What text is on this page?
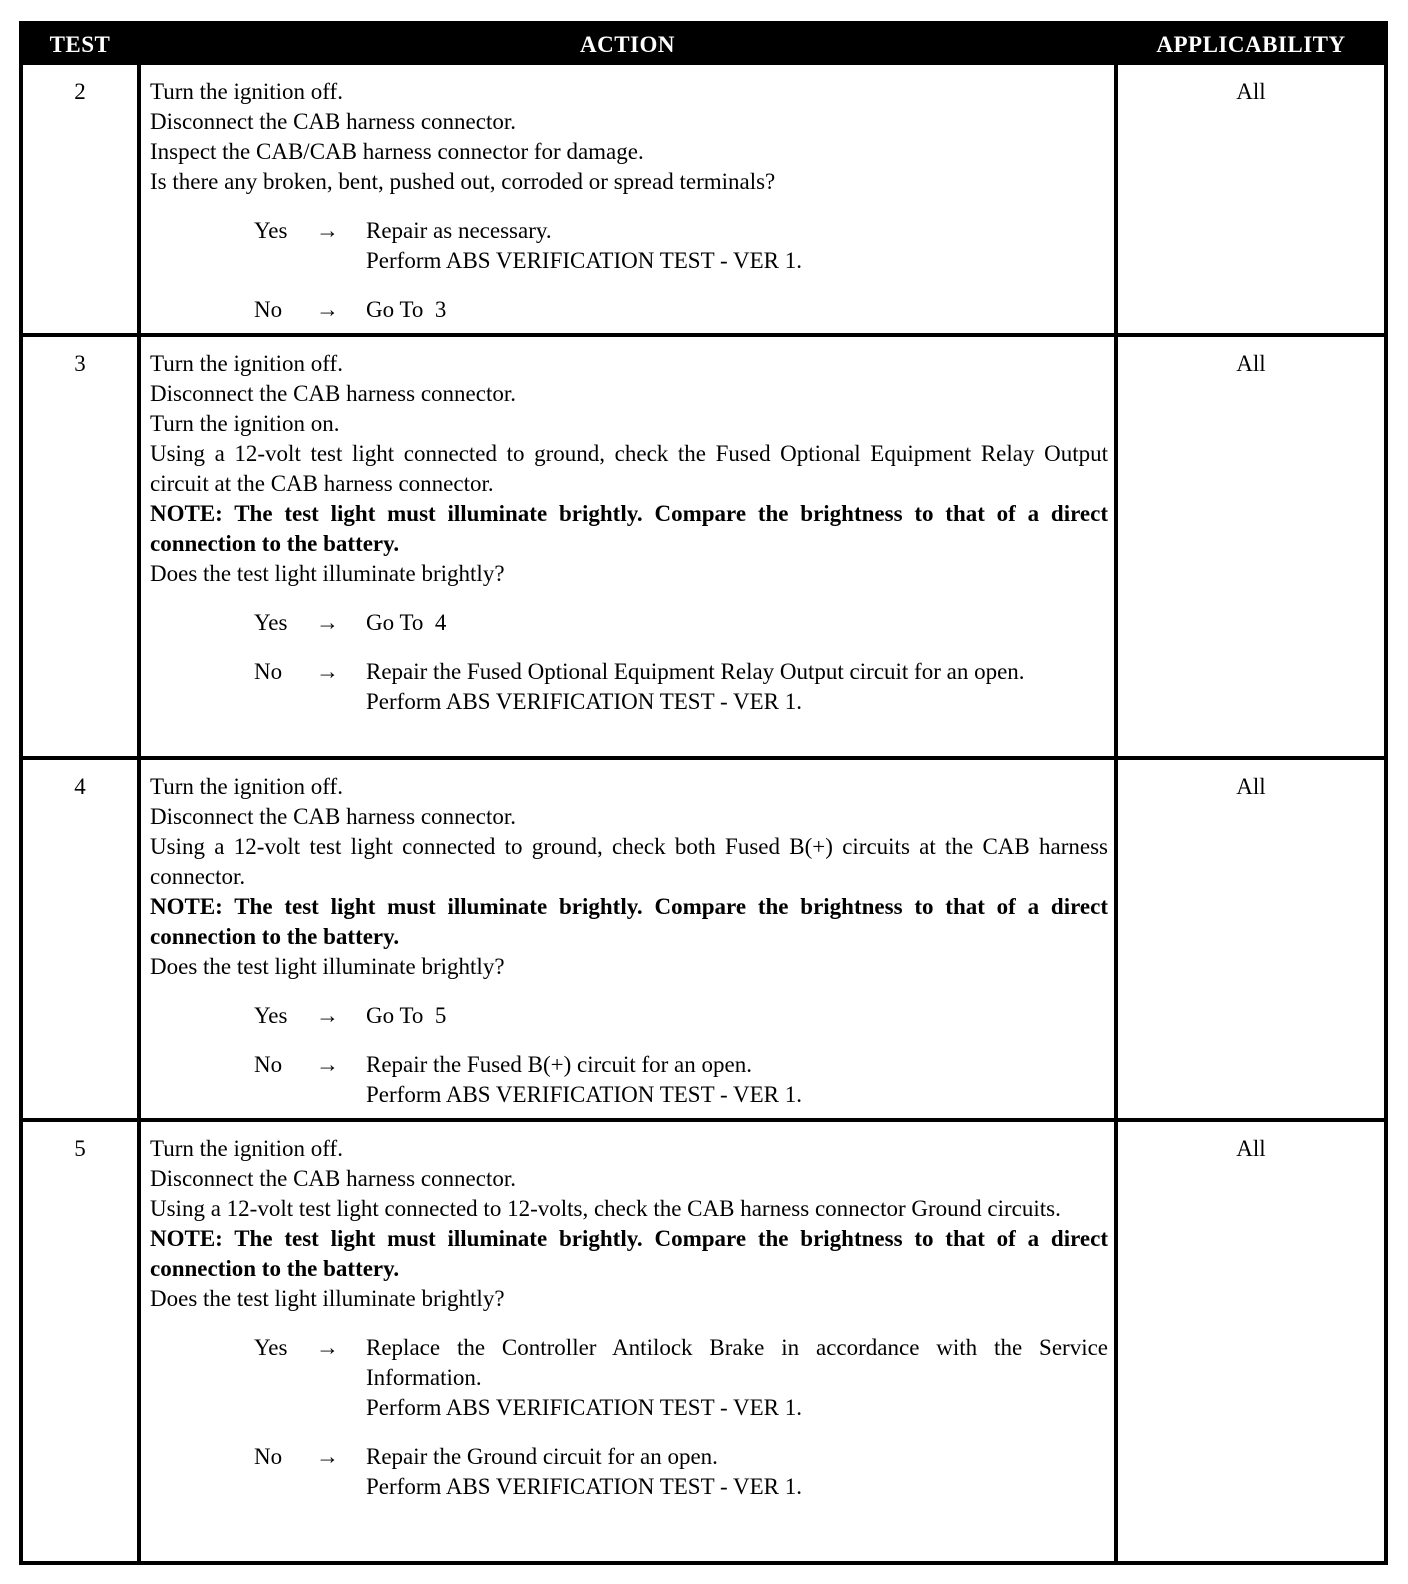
TEST	ACTION	APPLICABILITY
2	Turn the ignition off.
Disconnect the CAB harness connector.
Inspect the CAB/CAB harness connector for damage.
Is there any broken, bent, pushed out, corroded or spread terminals?
Yes → Repair as necessary.
Perform ABS VERIFICATION TEST - VER 1.
No → Go To  3
All
3	Turn the ignition off.
Disconnect the CAB harness connector.
Turn the ignition on.
Using a 12-volt test light connected to ground, check the Fused Optional Equipment Relay Output circuit at the CAB harness connector.
NOTE: The test light must illuminate brightly. Compare the brightness to that of a direct connection to the battery.
Does the test light illuminate brightly?
Yes → Go To  4
No → Repair the Fused Optional Equipment Relay Output circuit for an open.
Perform ABS VERIFICATION TEST - VER 1.
All
4	Turn the ignition off.
Disconnect the CAB harness connector.
Using a 12-volt test light connected to ground, check both Fused B(+) circuits at the CAB harness connector.
NOTE: The test light must illuminate brightly. Compare the brightness to that of a direct connection to the battery.
Does the test light illuminate brightly?
Yes → Go To  5
No → Repair the Fused B(+) circuit for an open.
Perform ABS VERIFICATION TEST - VER 1.
All
5	Turn the ignition off.
Disconnect the CAB harness connector.
Using a 12-volt test light connected to 12-volts, check the CAB harness connector Ground circuits.
NOTE: The test light must illuminate brightly. Compare the brightness to that of a direct connection to the battery.
Does the test light illuminate brightly?
Yes → Replace the Controller Antilock Brake in accordance with the Service Information.
Perform ABS VERIFICATION TEST - VER 1.
No → Repair the Ground circuit for an open.
Perform ABS VERIFICATION TEST - VER 1.
All
